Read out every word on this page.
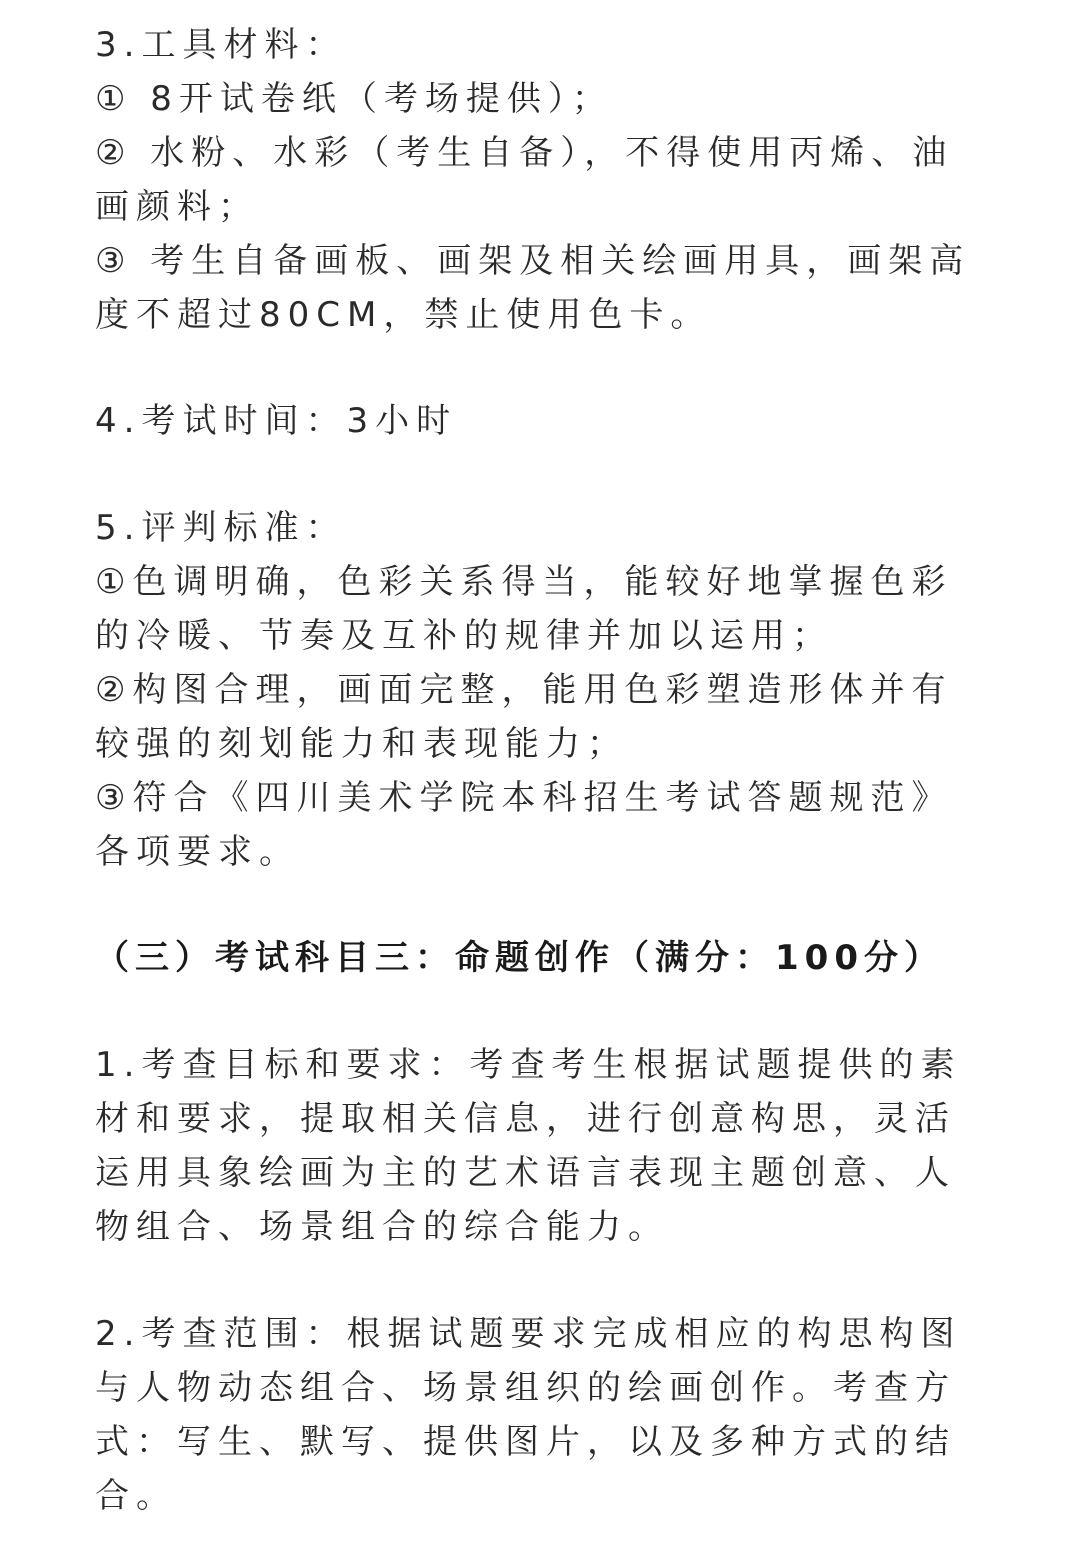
3.工具材料：
① 8开试卷纸（考场提供）；
② 水粉、水彩（考生自备），不得使用丙烯、油
画颜料；
③ 考生自备画板、画架及相关绘画用具，画架高
度不超过80CM，禁止使用色卡。
4.考试时间：3小时
5.评判标准：
①色调明确，色彩关系得当，能较好地掌握色彩
的冷暖、节奏及互补的规律并加以运用；
②构图合理，画面完整，能用色彩塑造形体并有
较强的刻划能力和表现能力；
③符合《四川美术学院本科招生考试答题规范》
各项要求。
（三）考试科目三：命题创作（满分：100分）
1.考查目标和要求：考查考生根据试题提供的素
材和要求，提取相关信息，进行创意构思，灵活
运用具象绘画为主的艺术语言表现主题创意、人
物组合、场景组合的综合能力。
2.考查范围：根据试题要求完成相应的构思构图
与人物动态组合、场景组织的绘画创作。考查方
式：写生、默写、提供图片，以及多种方式的结
合。
